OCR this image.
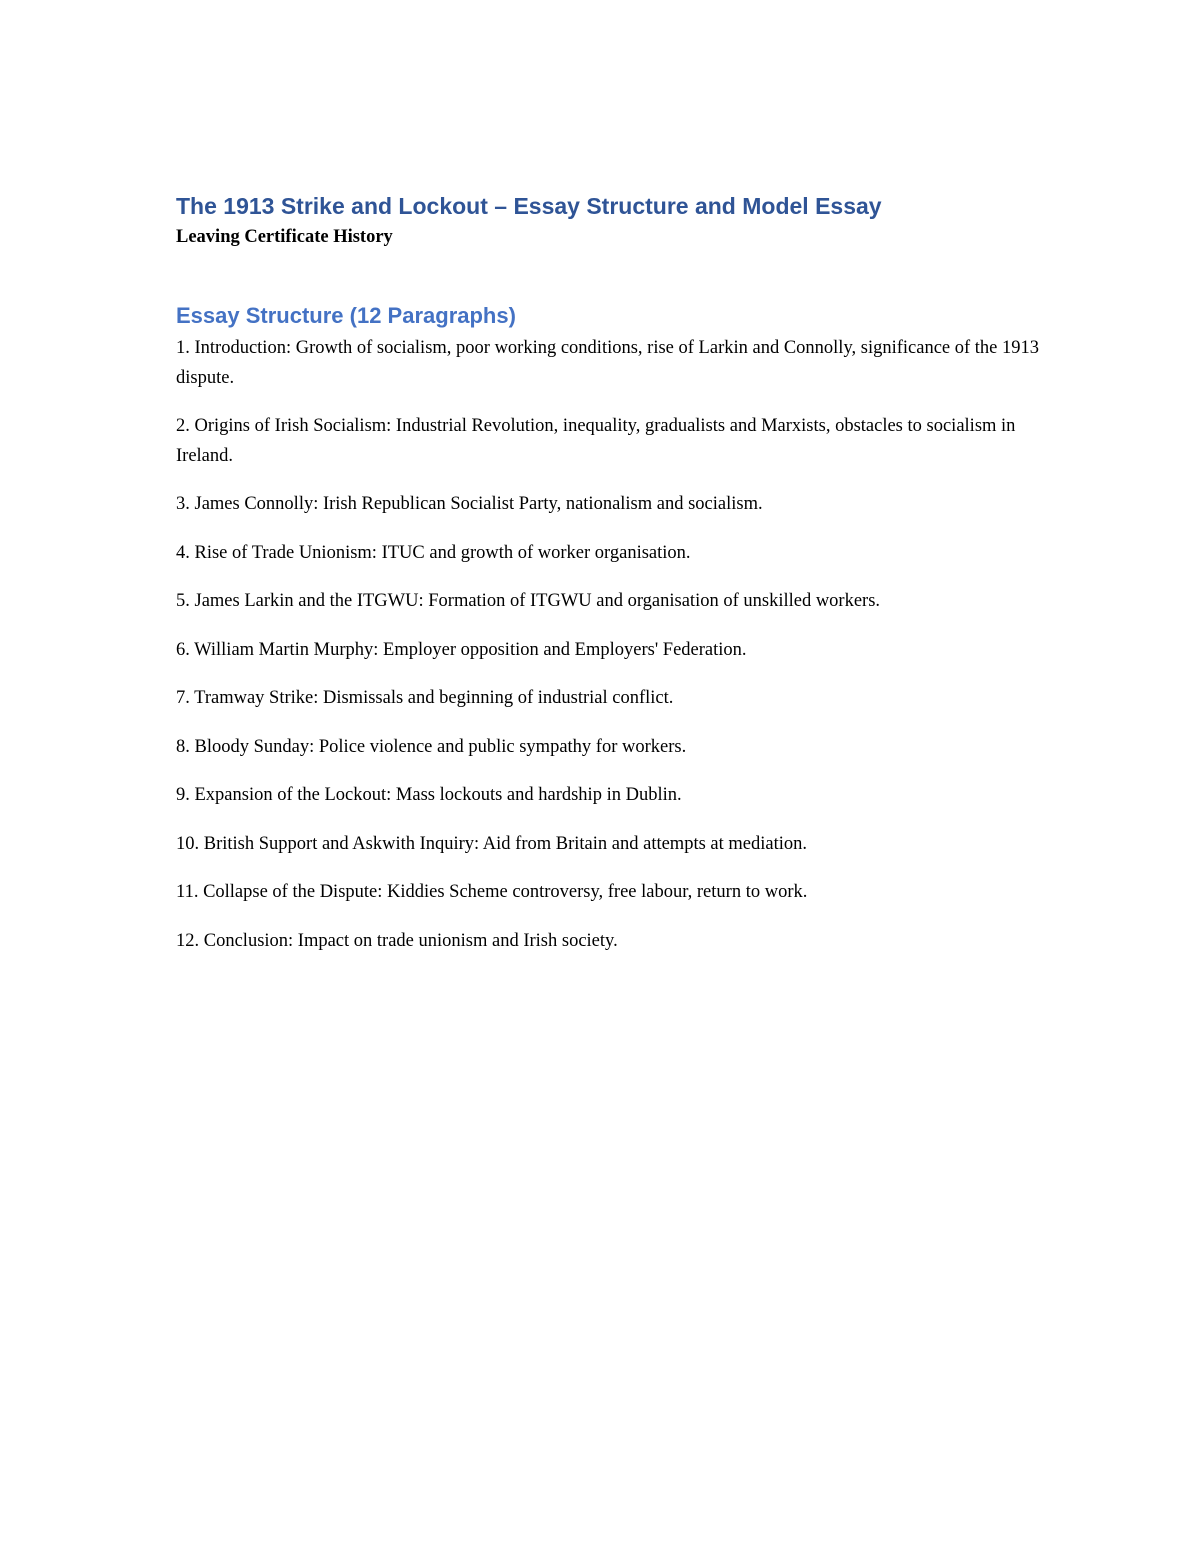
The 1913 Strike and Lockout – Essay Structure and Model Essay
Leaving Certificate History
Essay Structure (12 Paragraphs)
1. Introduction: Growth of socialism, poor working conditions, rise of Larkin and Connolly, significance of the 1913 dispute.
2. Origins of Irish Socialism: Industrial Revolution, inequality, gradualists and Marxists, obstacles to socialism in Ireland.
3. James Connolly: Irish Republican Socialist Party, nationalism and socialism.
4. Rise of Trade Unionism: ITUC and growth of worker organisation.
5. James Larkin and the ITGWU: Formation of ITGWU and organisation of unskilled workers.
6. William Martin Murphy: Employer opposition and Employers' Federation.
7. Tramway Strike: Dismissals and beginning of industrial conflict.
8. Bloody Sunday: Police violence and public sympathy for workers.
9. Expansion of the Lockout: Mass lockouts and hardship in Dublin.
10. British Support and Askwith Inquiry: Aid from Britain and attempts at mediation.
11. Collapse of the Dispute: Kiddies Scheme controversy, free labour, return to work.
12. Conclusion: Impact on trade unionism and Irish society.
